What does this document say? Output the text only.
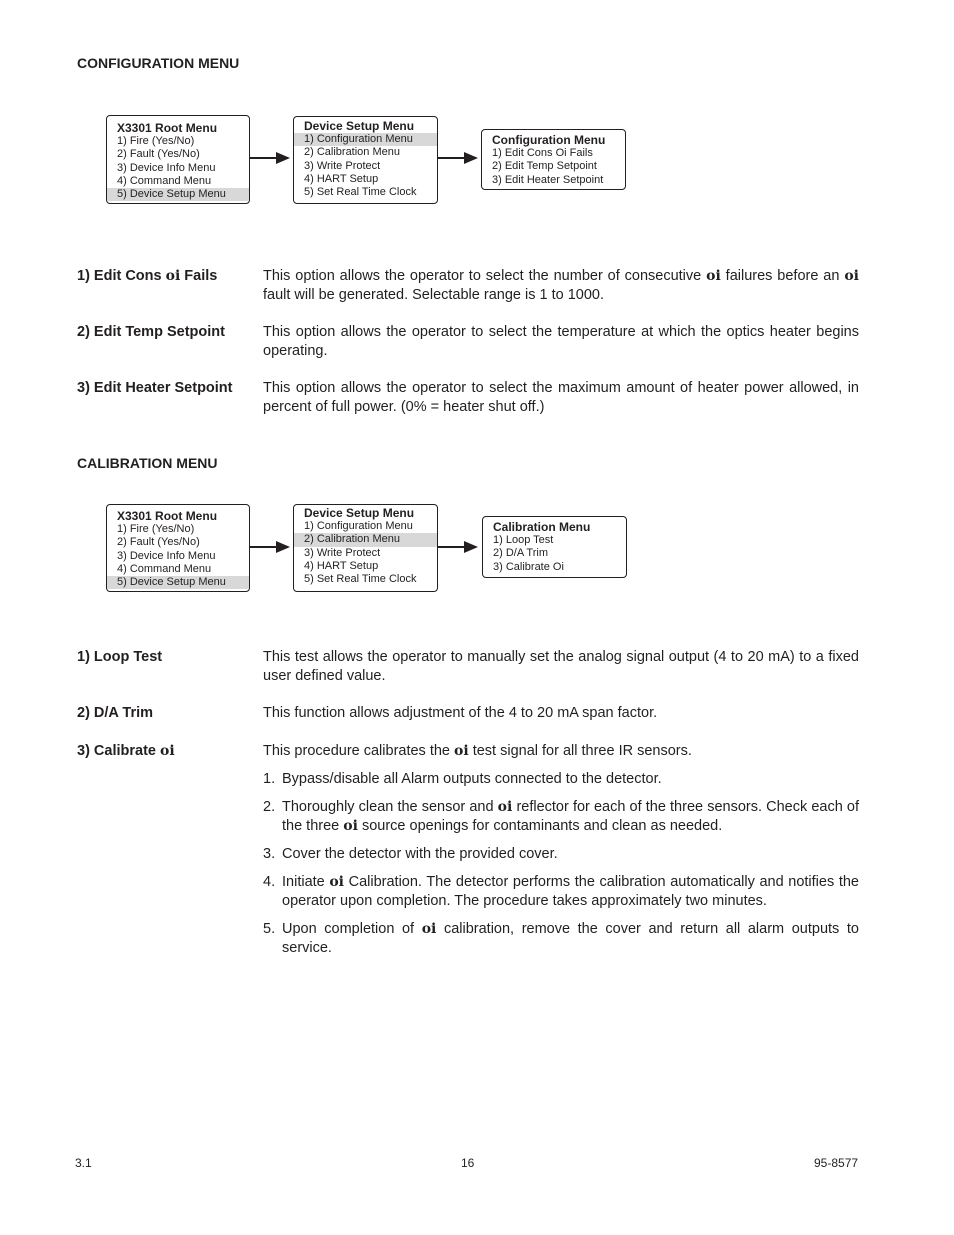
CONFIGURATION MENU
X3301 Root Menu
1) Fire (Yes/No)
2) Fault (Yes/No)
3) Device Info Menu
4) Command Menu
5) Device Setup Menu
Device Setup Menu
1) Configuration Menu
2) Calibration Menu
3) Write Protect
4) HART Setup
5) Set Real Time Clock
Configuration Menu
1) Edit Cons Oi Fails
2) Edit Temp Setpoint
3) Edit Heater Setpoint
1) Edit Cons oi Fails	This option allows the operator to select the number of consecutive oi failures before an oi fault will be generated. Selectable range is 1 to 1000.
2) Edit Temp Setpoint	This option allows the operator to select the temperature at which the optics heater begins operating.
3) Edit Heater Setpoint This option allows the operator to select the maximum amount of heater power allowed, in percent of full power. (0% = heater shut off.)
CALIBRATION MENU
X3301 Root Menu
1) Fire (Yes/No)
2) Fault (Yes/No)
3) Device Info Menu
4) Command Menu
5) Device Setup Menu
Device Setup Menu
1) Configuration Menu
2) Calibration Menu
3) Write Protect
4) HART Setup
5) Set Real Time Clock
Calibration Menu
1) Loop Test
2) D/A Trim
3) Calibrate Oi
1) Loop Test	This test allows the operator to manually set the analog signal output (4 to 20 mA) to a fixed user defined value.
2) D/A Trim	This function allows adjustment of the 4 to 20 mA span factor.
3) Calibrate oi	This procedure calibrates the oi test signal for all three IR sensors.
1. Bypass/disable all Alarm outputs connected to the detector.
2. Thoroughly clean the sensor and oi reflector for each of the three sensors. Check each of the three oi source openings for contaminants and clean as needed.
3. Cover the detector with the provided cover.
4. Initiate oi Calibration. The detector performs the calibration automatically and notifies the operator upon completion. The procedure takes approximately two minutes.
5. Upon completion of oi calibration, remove the cover and return all alarm outputs to service.
3.1	16	95-8577
